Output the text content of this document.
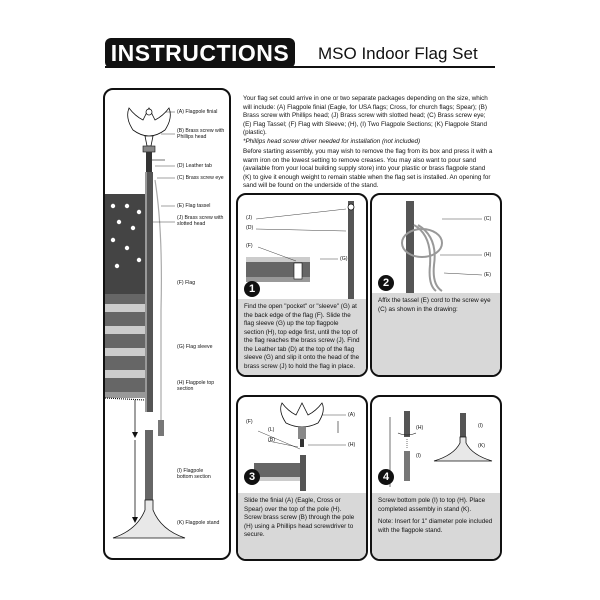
INSTRUCTIONS	MSO Indoor Flag Set
(A) Flagpole finial
(B) Brass screw with Phillips head
(D) Leather tab
(C) Brass screw eye
(E) Flag tassel
(J) Brass screw with slotted head
(F) Flag
(G) Flag sleeve
(H) Flagpole top section
(I) Flagpole bottom section
(K) Flagpole stand
Your flag set could arrive in one or two separate packages depending on the size, which will include: (A) Flagpole finial (Eagle, for USA flags; Cross, for church flags; Spear); (B) Brass screw with Phillips head; (J) Brass screw with slotted head; (C) Brass screw eye; (E) Flag Tassel; (F) Flag with Sleeve; (H), (I) Two Flagpole Sections; (K) Flagpole Stand (plastic).
*Phillips head screw driver needed for installation (not included)
Before starting assembly, you may wish to remove the flag from its box and press it with a warm iron on the lowest setting to remove creases. You may also want to pour sand (available from your local building supply store) into your plastic or brass flagpole stand (K) to give it enough weight to remain stable when the flag set is installed. An opening for sand will be found on the underside of the stand.
(J)
(D)
(F)
(G)
1
Find the open "pocket" or "sleeve" (G) at the back edge of the flag (F). Slide the flag sleeve (G) up the top flagpole section (H), top edge first, until the top of the flag reaches the brass screw (J). Find the Leather tab (D) at the top of the flag sleeve (G) and slip it onto the head of the brass screw (J) to hold the flag in place.
(C)
(H)
(E)
2
Affix the tassel (E) cord to the screw eye (C) as shown in the drawing:
(F)
(L)
(B)
(A)
(H)
3
Slide the finial (A) (Eagle, Cross or Spear) over the top of the pole (H). Screw brass screw (B) through the pole (H) using a Phillips head screwdriver to secure.
(H)
(I)
(I)
(K)
4
Screw bottom pole (I) to top (H). Place completed assembly in stand (K).
Note: Insert for 1" diameter pole included with the flagpole stand.
